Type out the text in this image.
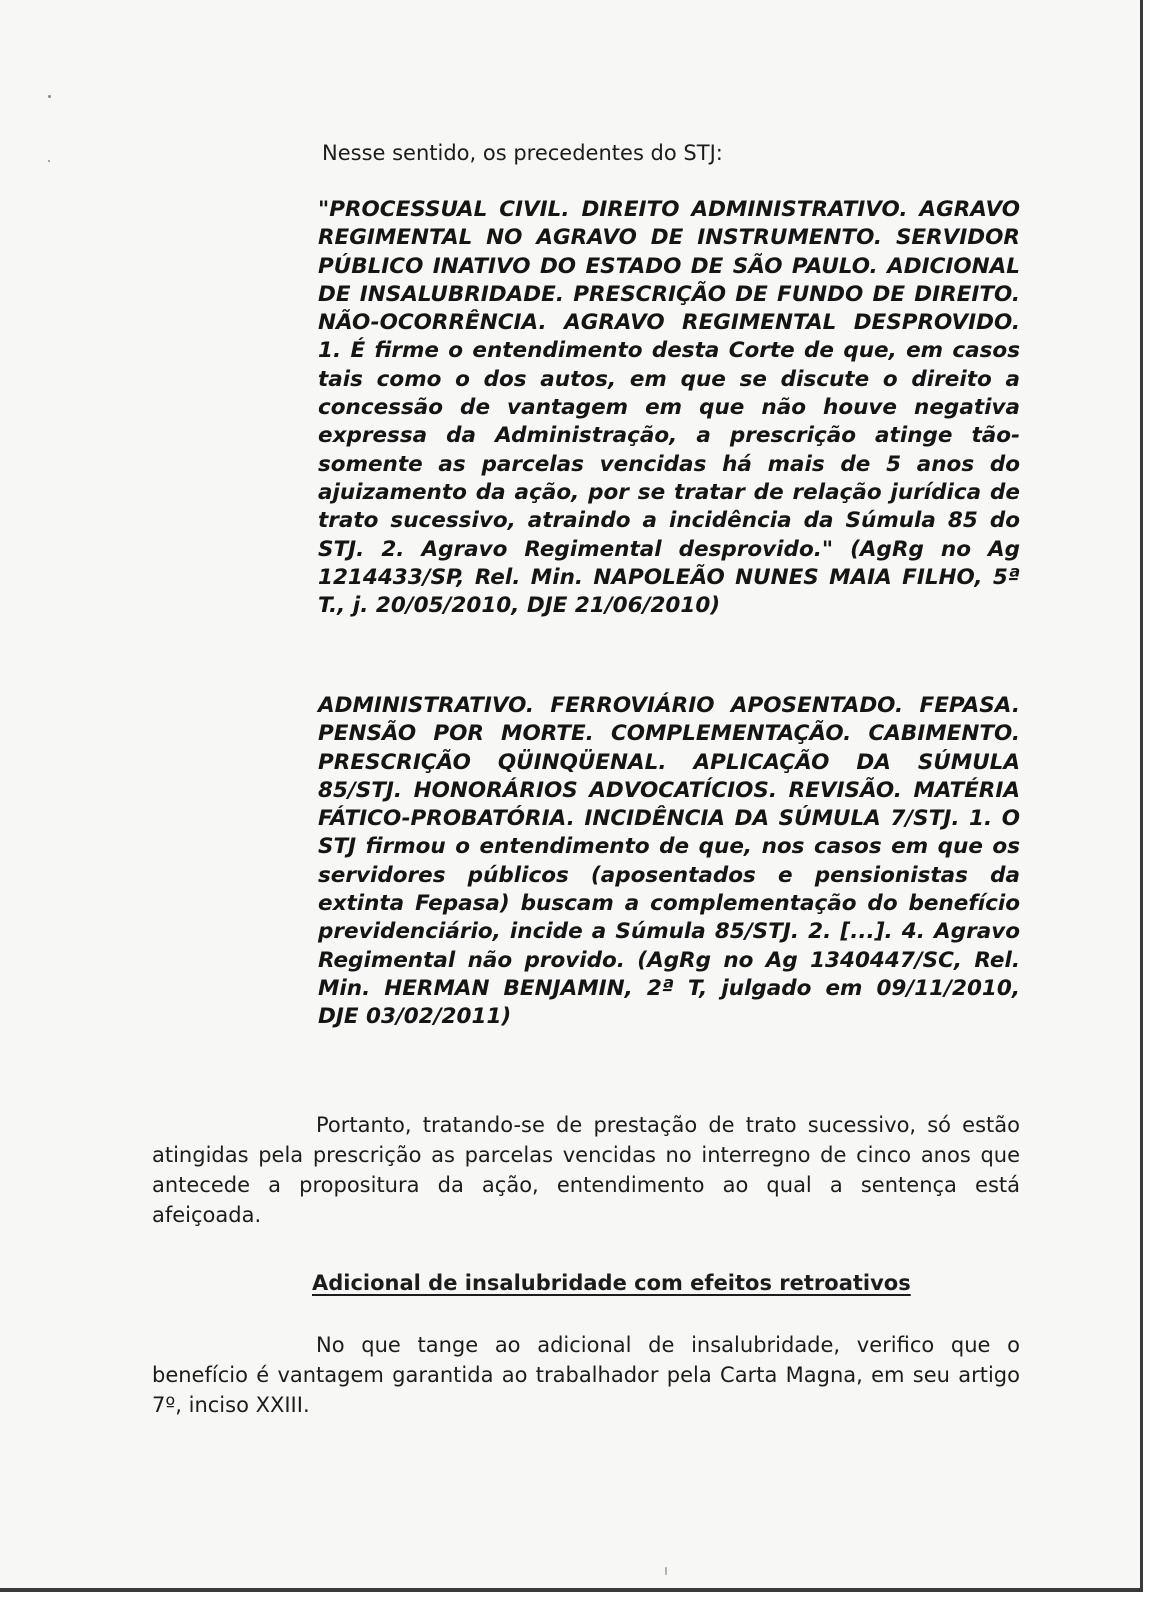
Nesse sentido, os precedentes do STJ:

"PROCESSUAL CIVIL. DIREITO ADMINISTRATIVO. AGRAVO REGIMENTAL NO AGRAVO DE INSTRUMENTO. SERVIDOR PÚBLICO INATIVO DO ESTADO DE SÃO PAULO. ADICIONAL DE INSALUBRIDADE. PRESCRIÇÃO DE FUNDO DE DIREITO. NÃO-OCORRÊNCIA. AGRAVO REGIMENTAL DESPROVIDO. 1. É firme o entendimento desta Corte de que, em casos tais como o dos autos, em que se discute o direito a concessão de vantagem em que não houve negativa expressa da Administração, a prescrição atinge tão-somente as parcelas vencidas há mais de 5 anos do ajuizamento da ação, por se tratar de relação jurídica de trato sucessivo, atraindo a incidência da Súmula 85 do STJ. 2. Agravo Regimental desprovido." (AgRg no Ag 1214433/SP, Rel. Min. NAPOLEÃO NUNES MAIA FILHO, 5ª T., j. 20/05/2010, DJE 21/06/2010)

ADMINISTRATIVO. FERROVIÁRIO APOSENTADO. FEPASA. PENSÃO POR MORTE. COMPLEMENTAÇÃO. CABIMENTO. PRESCRIÇÃO QÜINQÜENAL. APLICAÇÃO DA SÚMULA 85/STJ. HONORÁRIOS ADVOCATÍCIOS. REVISÃO. MATÉRIA FÁTICO-PROBATÓRIA. INCIDÊNCIA DA SÚMULA 7/STJ. 1. O STJ firmou o entendimento de que, nos casos em que os servidores públicos (aposentados e pensionistas da extinta Fepasa) buscam a complementação do benefício previdenciário, incide a Súmula 85/STJ. 2. [...]. 4. Agravo Regimental não provido. (AgRg no Ag 1340447/SC, Rel. Min. HERMAN BENJAMIN, 2ª T, julgado em 09/11/2010, DJE 03/02/2011)

Portanto, tratando-se de prestação de trato sucessivo, só estão atingidas pela prescrição as parcelas vencidas no interregno de cinco anos que antecede a propositura da ação, entendimento ao qual a sentença está afeiçoada.

Adicional de insalubridade com efeitos retroativos

No que tange ao adicional de insalubridade, verifico que o benefício é vantagem garantida ao trabalhador pela Carta Magna, em seu artigo 7º, inciso XXIII.
